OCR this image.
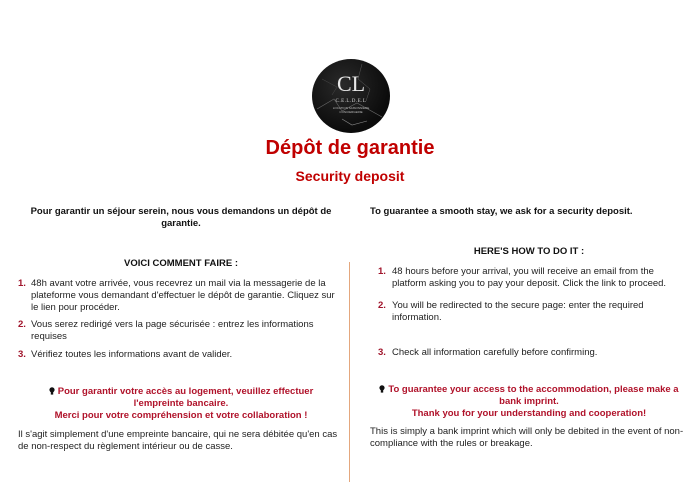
CL
C.E.L.D.E.L
LOCATION SAISONNIERE
CONCIERGERIE
Dépôt de garantie
Security deposit
Pour garantir un séjour serein, nous vous demandons un dépôt de garantie.
VOICI COMMENT FAIRE :
1. 48h avant votre arrivée, vous recevrez un mail via la messagerie de la plateforme vous demandant d'effectuer le dépôt de garantie. Cliquez sur le lien pour procéder.
2. Vous serez redirigé vers la page sécurisée : entrez les informations requises
3. Vérifiez toutes les informations avant de valider.
Pour garantir votre accès au logement, veuillez effectuer l'empreinte bancaire.
Merci pour votre compréhension et votre collaboration !
Il s'agit simplement d'une empreinte bancaire, qui ne sera débitée qu'en cas de non-respect du règlement intérieur ou de casse.
To guarantee a smooth stay, we ask for a security deposit.
HERE'S HOW TO DO IT :
1. 48 hours before your arrival, you will receive an email from the platform asking you to pay your deposit. Click the link to proceed.
2. You will be redirected to the secure page: enter the required information.
3. Check all information carefully before confirming.
To guarantee your access to the accommodation, please make a bank imprint.
Thank you for your understanding and cooperation!
This is simply a bank imprint which will only be debited in the event of non-compliance with the rules or breakage.
